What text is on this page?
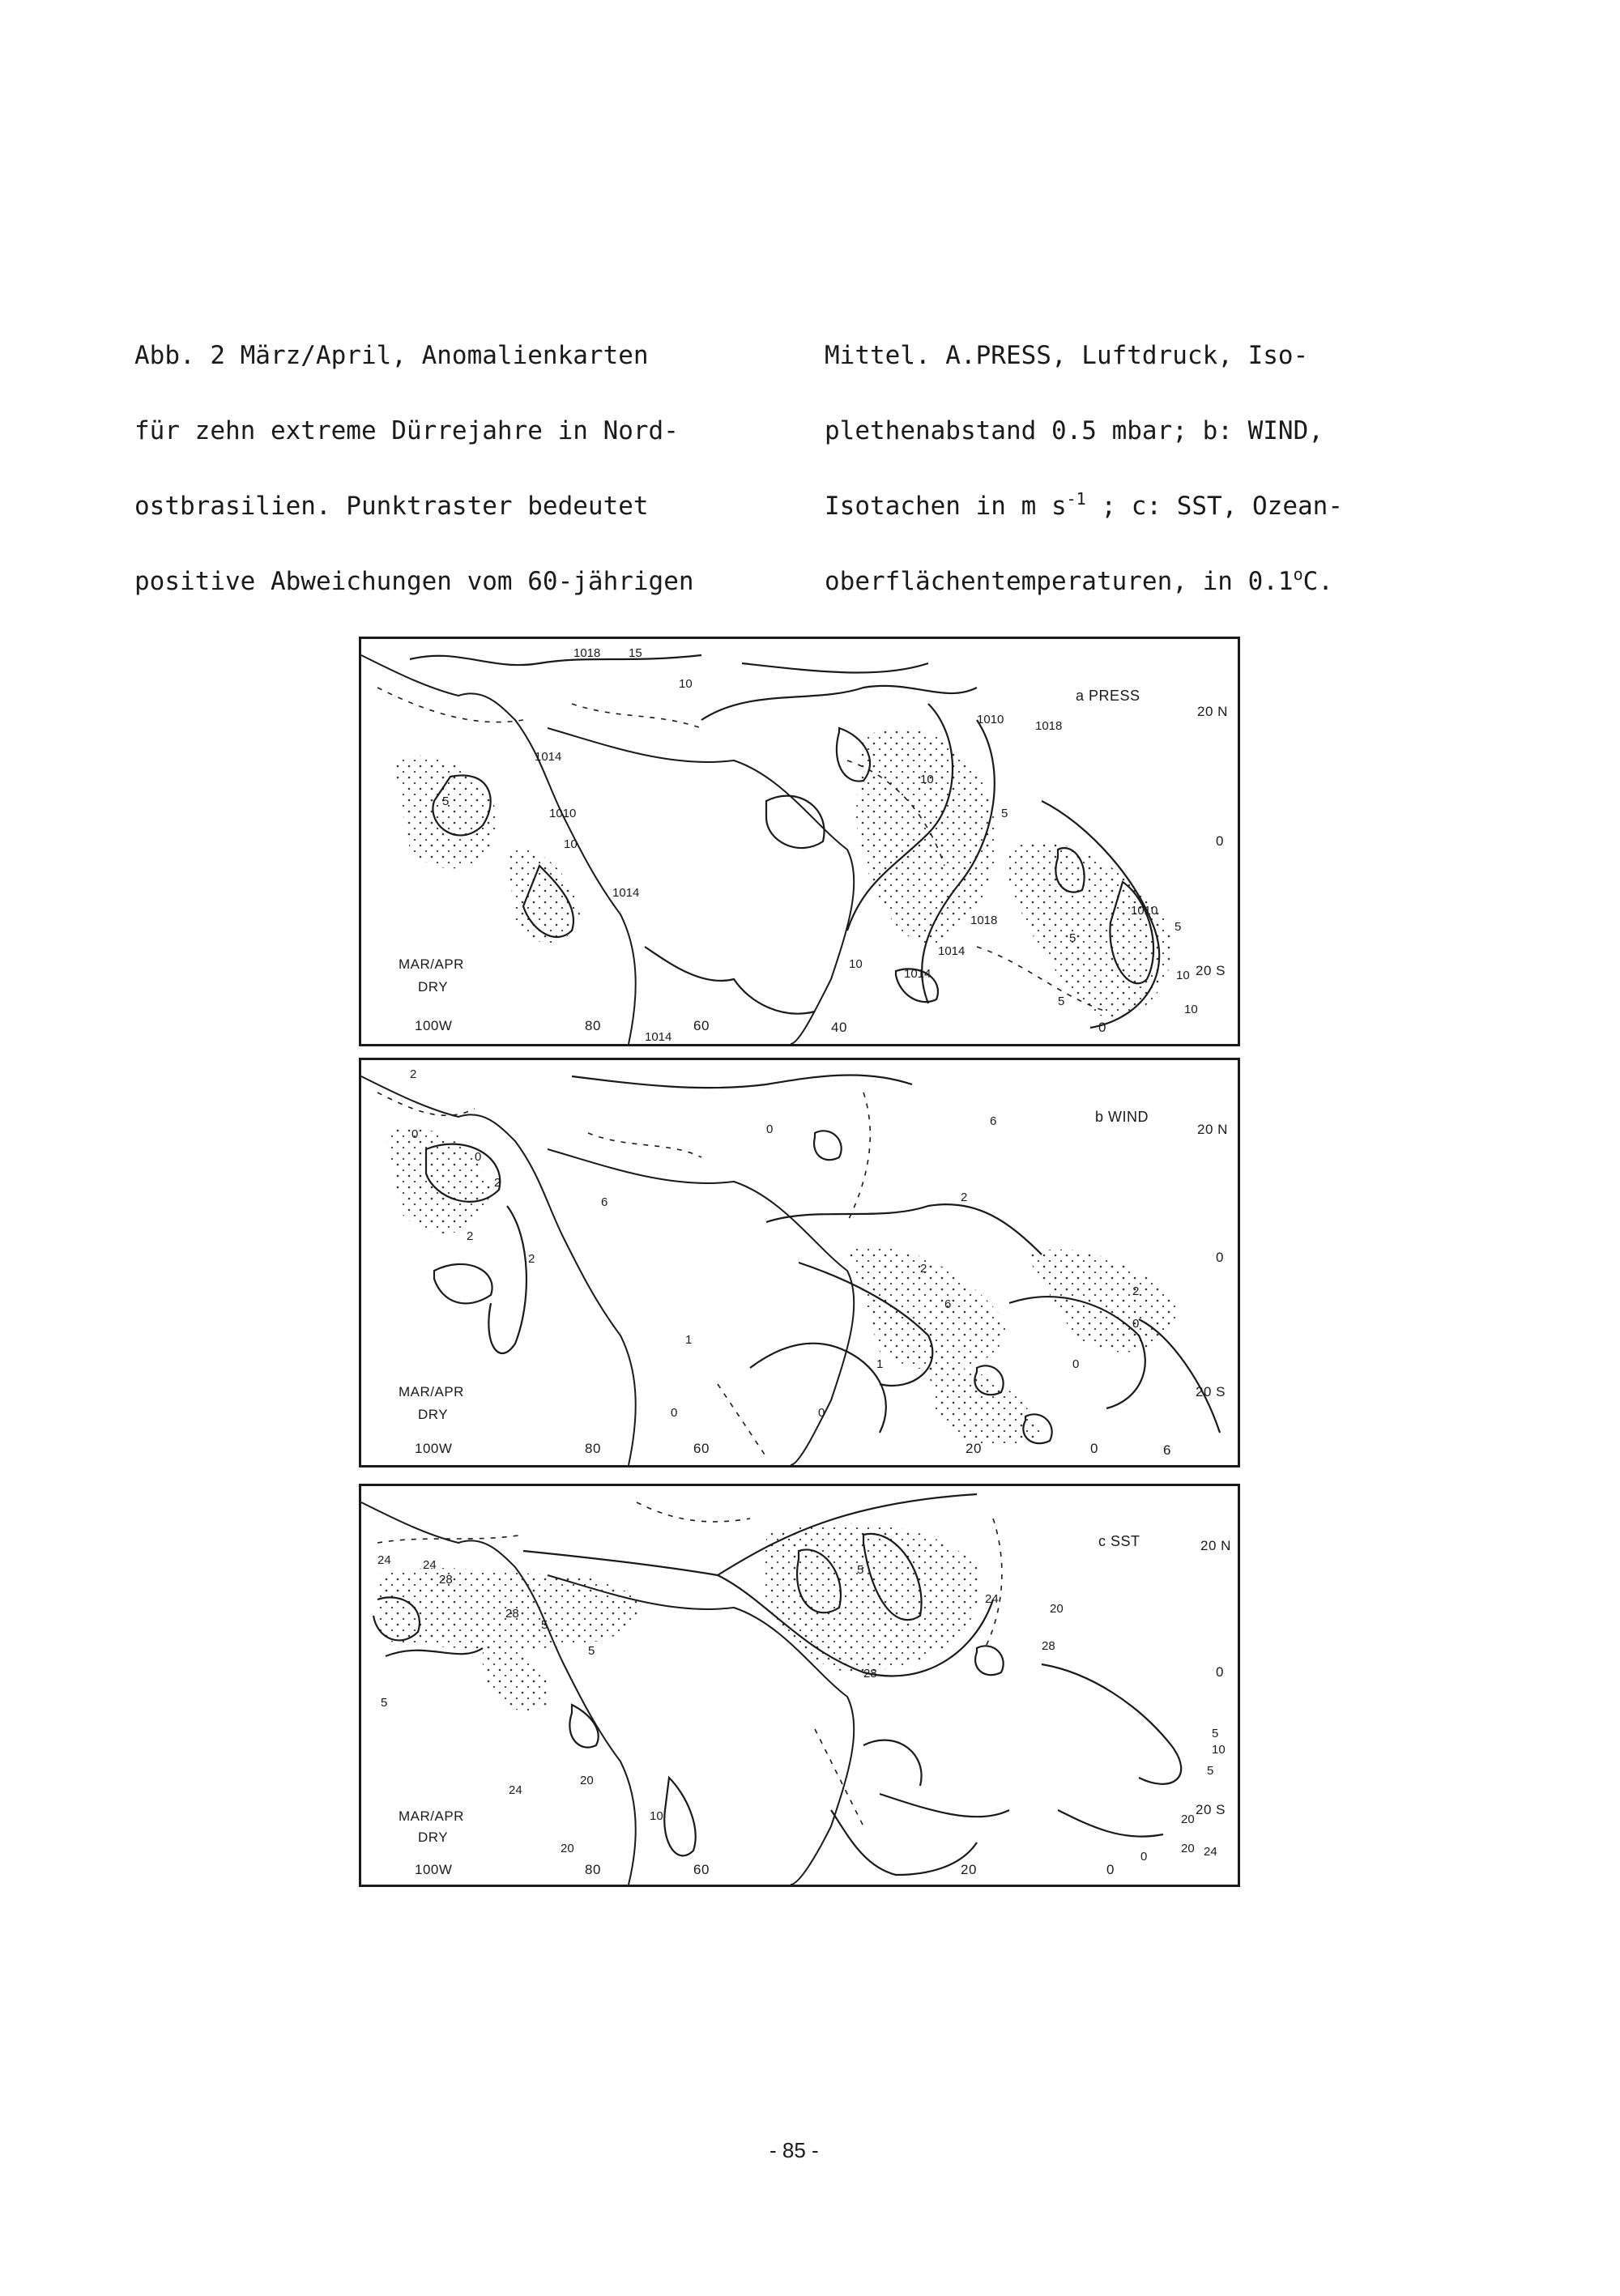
Abb. 2 März/April, Anomalienkarten

für zehn extreme Dürrejahre in Nord-

ostbrasilien. Punktraster bedeutet

positive Abweichungen vom 60-jährigen

Mittel. A.PRESS, Luftdruck, Iso-

plethenabstand 0.5 mbar; b: WIND,

Isotachen in m $s^{-1}$ ; c: SST, Ozean-

oberflächentemperaturen, in 0.1$^o$C.

1018 15
10
1014
5
1010
10
1014
1018
1010
10
5
1014
1018
1014
10
1010
5
10
5
10
1014
5
a PRESS
20 N
0
20 S
MAR/APR
DRY
100W	80	60	40	0
2
0
0
2
2
6
2
0
6
1
0
2
6
2
0
0
1
2
0
b WIND
20 N
0
20 S
MAR/APR
DRY
100W	80	60	20	0	6
24	24
28
28
5
5
20
24
5
28
28
5
20
24
20
20
10
24
10
5
0
20
5
c SST	20 N
0
20 S
MAR/APR
DRY
100W	80	60	20	0
- 85 -
